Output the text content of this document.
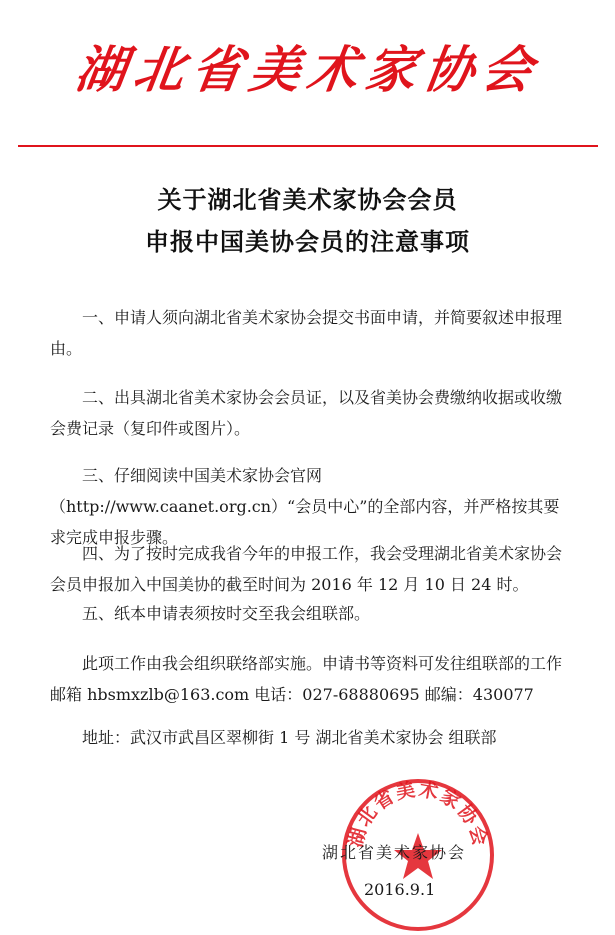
湖北省美术家协会
关于湖北省美术家协会会员
申报中国美协会员的注意事项

一、申请人须向湖北省美术家协会提交书面申请，并简要叙述申报理由。

二、出具湖北省美术家协会会员证，以及省美协会费缴纳收据或收缴会费记录（复印件或图片）。

三、仔细阅读中国美术家协会官网（http://www.caanet.org.cn）“会员中心”的全部内容，并严格按其要求完成申报步骤。

四、为了按时完成我省今年的申报工作，我会受理湖北省美术家协会会员申报加入中国美协的截至时间为 2016 年 12 月 10 日 24 时。

五、纸本申请表须按时交至我会组联部。

此项工作由我会组织联络部实施。申请书等资料可发往组联部的工作邮箱 hbsmxzlb@163.com 电话：027-68880695 邮编：430077

地址：武汉市武昌区翠柳街 1 号 湖北省美术家协会 组联部

湖北省美术家协会
湖北省美术家协会
2016.9.1
